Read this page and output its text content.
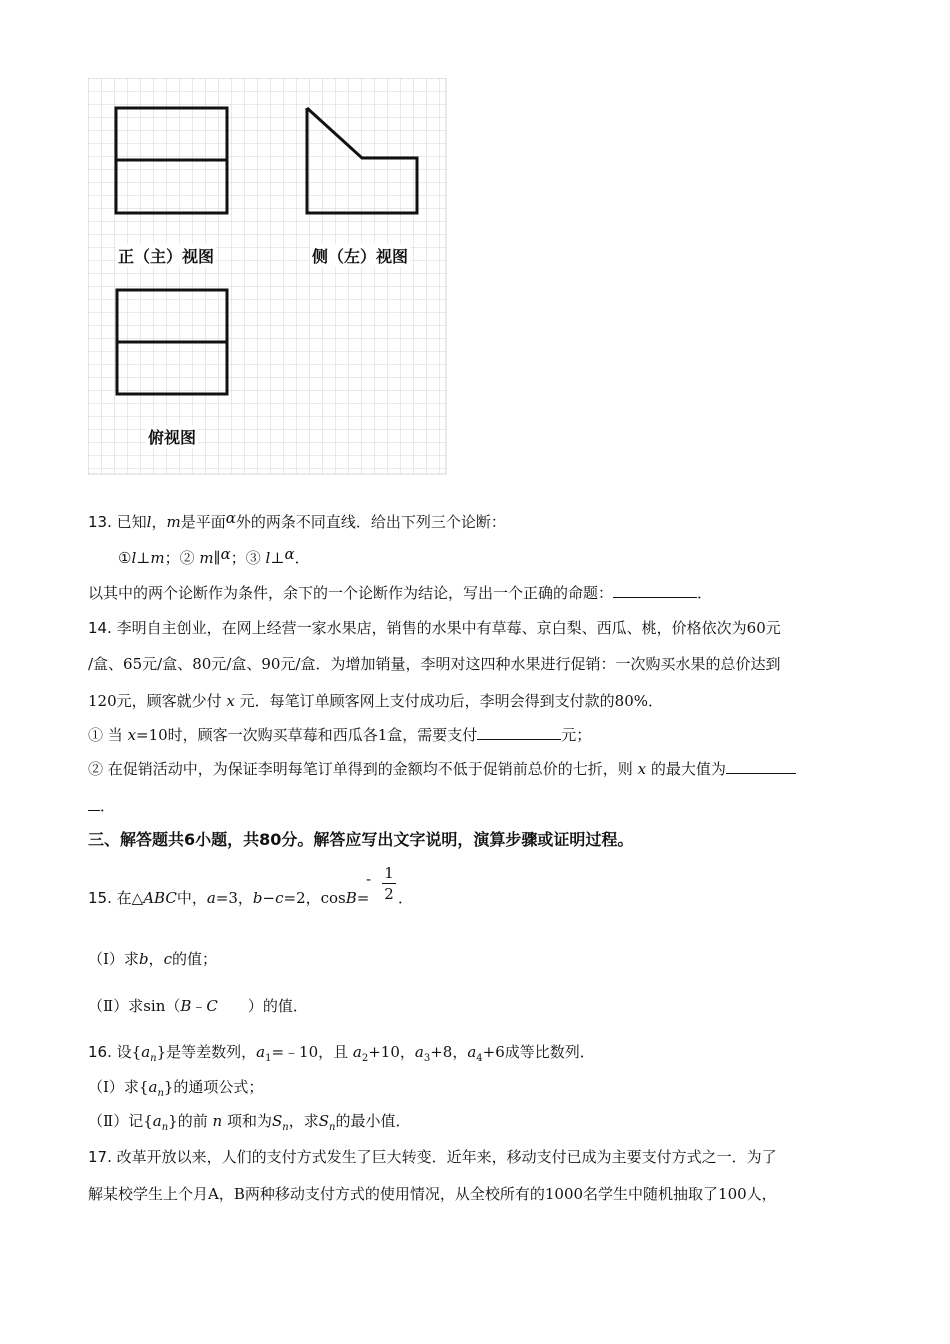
正（主）视图	侧（左）视图
俯视图
13. 已知l，m是平面α外的两条不同直线．给出下列三个论断：
①l⊥m；② m∥α；③ l⊥α．
以其中的两个论断作为条件，余下的一个论断作为结论，写出一个正确的命题：	．
14. 李明自主创业，在网上经营一家水果店，销售的水果中有草莓、京白梨、西瓜、桃，价格依次为60元
/盒、65元/盒、80元/盒、90元/盒．为增加销量，李明对这四种水果进行促销：一次购买水果的总价达到
120元，顾客就少付 x 元．每笔订单顾客网上支付成功后，李明会得到支付款的80%．
① 当 x=10时，顾客一次购买草莓和西瓜各1盒，需要支付	元；
② 在促销活动中，为保证李明每笔订单得到的金额均不低于促销前总价的七折，则 x 的最大值为
．
三、解答题共6小题，共80分。解答应写出文字说明，演算步骤或证明过程。
15. 在△ABC中，a=3，b−c=2，cosB=
- 1
2 ．
（Ⅰ）求b，c的值；
（Ⅱ）求sin（B﹣C ）的值．
16. 设$\{a_n\}$是等差数列，$a_1=﹣10$，且 $a_2+10$，$a_3+8$，$a_4+6$成等比数列．
（Ⅰ）求$\{a_n\}$的通项公式；
（Ⅱ）记$\{a_n\}$的前 n 项和为$S_n$，求$S_n$的最小值．
17. 改革开放以来，人们的支付方式发生了巨大转变．近年来，移动支付已成为主要支付方式之一．为了
解某校学生上个月A，B两种移动支付方式的使用情况，从全校所有的1000名学生中随机抽取了100人，
